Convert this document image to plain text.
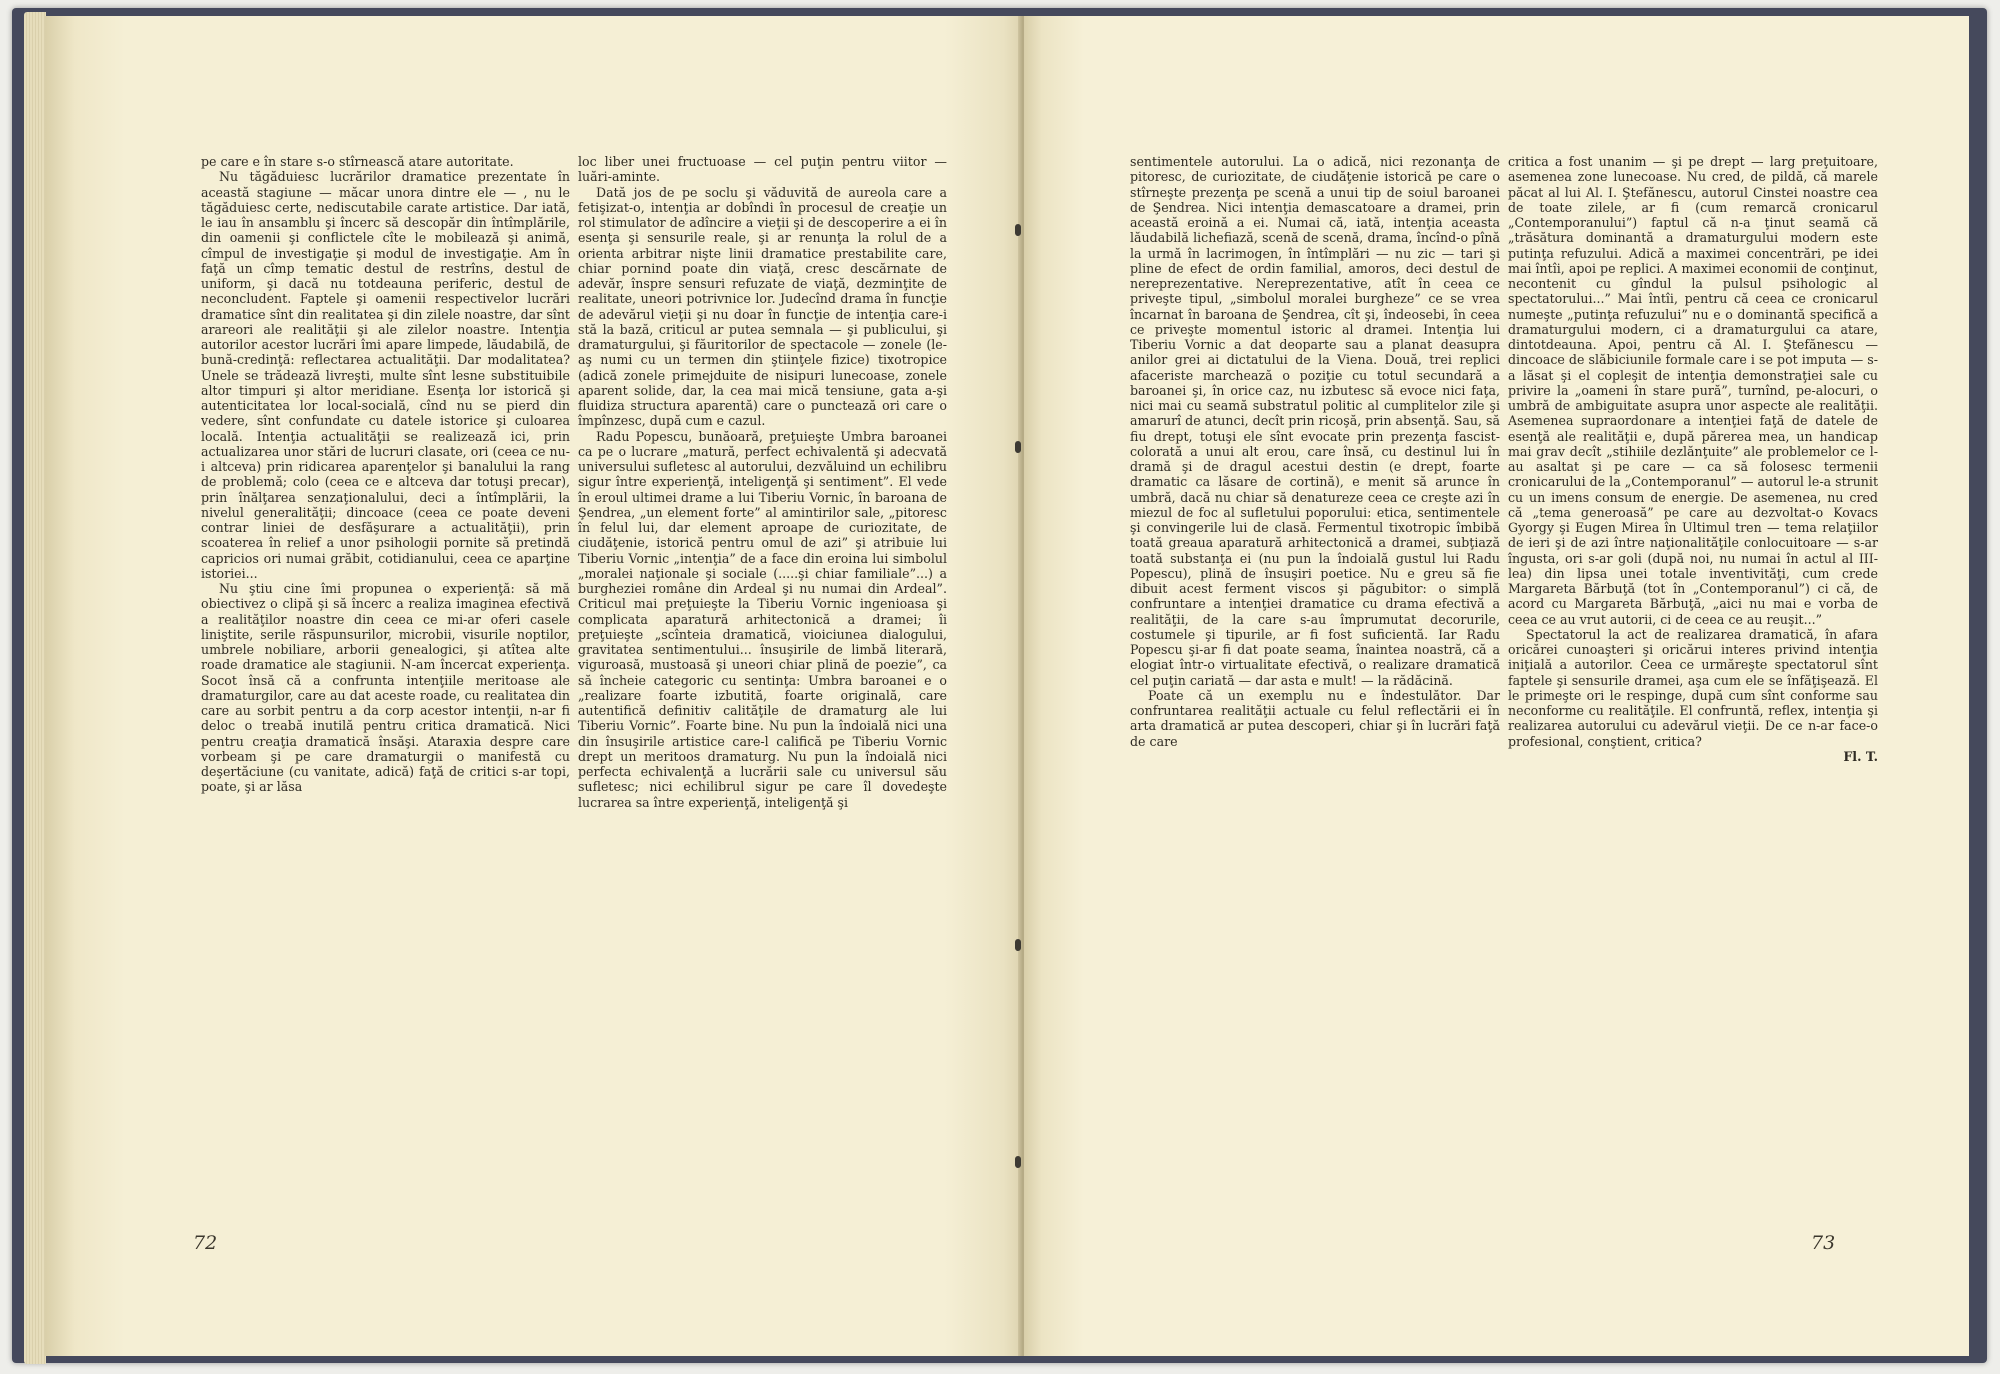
pe care e în stare s-o stîrnească atare autoritate.

Nu tăgăduiesc lucrărilor dramatice prezentate în această stagiune — măcar unora dintre ele — , nu le tăgăduiesc certe, nediscutabile carate artistice. Dar iată, le iau în ansamblu şi încerc să descopăr din întîmplările, din oamenii şi conflictele cîte le mobilează şi animă, cîmpul de investigaţie şi modul de investigaţie. Am în faţă un cîmp tematic destul de restrîns, destul de uniform, şi dacă nu totdeauna periferic, destul de neconcludent. Faptele şi oamenii respectivelor lucrări dramatice sînt din realitatea şi din zilele noastre, dar sînt arareori ale realităţii şi ale zilelor noastre. Intenţia autorilor acestor lucrări îmi apare limpede, lăudabilă, de bună-credinţă: reflectarea actualităţii. Dar modalitatea? Unele se trădează livreşti, multe sînt lesne substituibile altor timpuri şi altor meridiane. Esenţa lor istorică şi autenticitatea lor local-socială, cînd nu se pierd din vedere, sînt confundate cu datele istorice şi culoarea locală. Intenţia actualităţii se realizează ici, prin actualizarea unor stări de lucruri clasate, ori (ceea ce nu-i altceva) prin ridicarea aparenţelor şi banalului la rang de problemă; colo (ceea ce e altceva dar totuşi precar), prin înălţarea senzaţionalului, deci a întîmplării, la nivelul generalităţii; dincoace (ceea ce poate deveni contrar liniei de desfăşurare a actualităţii), prin scoaterea în relief a unor psihologii pornite să pretindă capricios ori numai grăbit, cotidianului, ceea ce aparţine istoriei...

Nu ştiu cine îmi propunea o experienţă: să mă obiectivez o clipă şi să încerc a realiza imaginea efectivă a realităţilor noastre din ceea ce mi-ar oferi casele liniştite, serile răspunsurilor, microbii, visurile noptilor, umbrele nobiliare, arborii genealogici, şi atîtea alte roade dramatice ale stagiunii. N-am încercat experienţa. Socot însă că a confrunta intenţiile meritoase ale dramaturgilor, care au dat aceste roade, cu realitatea din care au sorbit pentru a da corp acestor intenţii, n-ar fi deloc o treabă inutilă pentru critica dramatică. Nici pentru creaţia dramatică însăşi. Ataraxia despre care vorbeam şi pe care dramaturgii o manifestă cu deşertăciune (cu vanitate, adică) faţă de critici s-ar topi, poate, şi ar lăsa

loc liber unei fructuoase — cel puţin pentru viitor — luări-aminte.

Dată jos de pe soclu şi văduvită de aureola care a fetişizat-o, intenţia ar dobîndi în procesul de creaţie un rol stimulator de adîncire a vieţii şi de descoperire a ei în esenţa şi sensurile reale, şi ar renunţa la rolul de a orienta arbitrar nişte linii dramatice prestabilite care, chiar pornind poate din viaţă, cresc descărnate de adevăr, înspre sensuri refuzate de viaţă, dezminţite de realitate, uneori potrivnice lor. Judecînd drama în funcţie de adevărul vieţii şi nu doar în funcţie de intenţia care-i stă la bază, criticul ar putea semnala — şi publicului, şi dramaturgului, şi făuritorilor de spectacole — zonele (le-aş numi cu un termen din ştiinţele fizice) tixotropice (adică zonele primejduite de nisipuri lunecoase, zonele aparent solide, dar, la cea mai mică tensiune, gata a-şi fluidiza structura aparentă) care o punctează ori care o împînzesc, după cum e cazul.

Radu Popescu, bunăoară, preţuieşte Umbra baroanei ca pe o lucrare „matură, perfect echivalentă şi adecvată universului sufletesc al autorului, dezvăluind un echilibru sigur între experienţă, inteligenţă şi sentiment”. El vede în eroul ultimei drame a lui Tiberiu Vornic, în baroana de Şendrea, „un element forte” al amintirilor sale, „pitoresc în felul lui, dar element aproape de curiozitate, de ciudăţenie, istorică pentru omul de azi” şi atribuie lui Tiberiu Vornic „intenţia” de a face din eroina lui simbolul „moralei naţionale şi sociale (.....şi chiar familiale”...) a burgheziei române din Ardeal şi nu numai din Ardeal”. Criticul mai preţuieşte la Tiberiu Vornic ingenioasa şi complicata aparatură arhitectonică a dramei; îi preţuieşte „scînteia dramatică, vioiciunea dialogului, gravitatea sentimentului... însuşirile de limbă literară, viguroasă, mustoasă şi uneori chiar plină de poezie”, ca să încheie categoric cu sentinţa: Umbra baroanei e o „realizare foarte izbutită, foarte originală, care autentifică definitiv calităţile de dramaturg ale lui Tiberiu Vornic”. Foarte bine. Nu pun la îndoială nici una din însuşirile artistice care-l califică pe Tiberiu Vornic drept un meritoos dramaturg. Nu pun la îndoială nici perfecta echivalenţă a lucrării sale cu universul său sufletesc; nici echilibrul sigur pe care îl dovedeşte lucrarea sa între experienţă, inteligenţă şi

72

sentimentele autorului. La o adică, nici rezonanţa de pitoresc, de curiozitate, de ciudăţenie istorică pe care o stîrneşte prezenţa pe scenă a unui tip de soiul baroanei de Şendrea. Nici intenţia demascatoare a dramei, prin această eroină a ei. Numai că, iată, intenţia aceasta lăudabilă lichefiază, scenă de scenă, drama, încînd-o pînă la urmă în lacrimogen, în întîmplări — nu zic — tari şi pline de efect de ordin familial, amoros, deci destul de nereprezentative. Nereprezentative, atît în ceea ce priveşte tipul, „simbolul moralei burgheze” ce se vrea încarnat în baroana de Şendrea, cît şi, îndeosebi, în ceea ce priveşte momentul istoric al dramei. Intenţia lui Tiberiu Vornic a dat deoparte sau a planat deasupra anilor grei ai dictatului de la Viena. Două, trei replici afaceriste marchează o poziţie cu totul secundară a baroanei şi, în orice caz, nu izbutesc să evoce nici faţa, nici mai cu seamă substratul politic al cumplitelor zile şi amarurî de atunci, decît prin ricoşă, prin absenţă. Sau, să fiu drept, totuşi ele sînt evocate prin prezenţa fascist-colorată a unui alt erou, care însă, cu destinul lui în dramă şi de dragul acestui destin (e drept, foarte dramatic ca lăsare de cortină), e menit să arunce în umbră, dacă nu chiar să denatureze ceea ce creşte azi în miezul de foc al sufletului poporului: etica, sentimentele şi convingerile lui de clasă. Fermentul tixotropic îmbibă toată greaua aparatură arhitectonică a dramei, subţiază toată substanţa ei (nu pun la îndoială gustul lui Radu Popescu), plină de însuşiri poetice. Nu e greu să fie dibuit acest ferment viscos şi păgubitor: o simplă confruntare a intenţiei dramatice cu drama efectivă a realităţii, de la care s-au împrumutat decorurile, costumele şi tipurile, ar fi fost suficientă. Iar Radu Popescu şi-ar fi dat poate seama, înaintea noastră, că a elogiat într-o virtualitate efectivă, o realizare dramatică cel puţin cariată — dar asta e mult! — la rădăcină.

Poate că un exemplu nu e îndestulător. Dar confruntarea realităţii actuale cu felul reflectării ei în arta dramatică ar putea descoperi, chiar şi în lucrări faţă de care

critica a fost unanim — şi pe drept — larg preţuitoare, asemenea zone lunecoase. Nu cred, de pildă, că marele păcat al lui Al. I. Ştefănescu, autorul Cinstei noastre cea de toate zilele, ar fi (cum remarcă cronicarul „Contemporanului”) faptul că n-a ţinut seamă că „trăsătura dominantă a dramaturgului modern este putinţa refuzului. Adică a maximei concentrări, pe idei mai întîi, apoi pe replici. A maximei economii de conţinut, necontenit cu gîndul la pulsul psihologic al spectatorului...” Mai întîi, pentru că ceea ce cronicarul numeşte „putinţa refuzului” nu e o dominantă specifică a dramaturgului modern, ci a dramaturgului ca atare, dintotdeauna. Apoi, pentru că Al. I. Ştefănescu — dincoace de slăbiciunile formale care i se pot imputa — s-a lăsat şi el copleşit de intenţia demonstraţiei sale cu privire la „oameni în stare pură”, turnînd, pe-alocuri, o umbră de ambiguitate asupra unor aspecte ale realităţii. Asemenea supraordonare a intenţiei faţă de datele de esenţă ale realităţii e, după părerea mea, un handicap mai grav decît „stihiile dezlănţuite” ale problemelor ce l-au asaltat şi pe care — ca să folosesc termenii cronicarului de la „Contemporanul” — autorul le-a strunit cu un imens consum de energie. De asemenea, nu cred că „tema generoasă” pe care au dezvoltat-o Kovacs Gyorgy şi Eugen Mirea în Ultimul tren — tema relaţiilor de ieri şi de azi între naţionalităţile conlocuitoare — s-ar îngusta, ori s-ar goli (după noi, nu numai în actul al III-lea) din lipsa unei totale inventivităţi, cum crede Margareta Bărbuţă (tot în „Contemporanul”) ci că, de acord cu Margareta Bărbuţă, „aici nu mai e vorba de ceea ce au vrut autorii, ci de ceea ce au reuşit...”

Spectatorul la act de realizarea dramatică, în afara oricărei cunoaşteri şi oricărui interes privind intenţia iniţială a autorilor. Ceea ce urmăreşte spectatorul sînt faptele şi sensurile dramei, aşa cum ele se înfăţişează. El le primeşte ori le respinge, după cum sînt conforme sau neconforme cu realităţile. El confruntă, reflex, intenţia şi realizarea autorului cu adevărul vieţii. De ce n-ar face-o profesional, conştient, critica?

Fl. T.

73
